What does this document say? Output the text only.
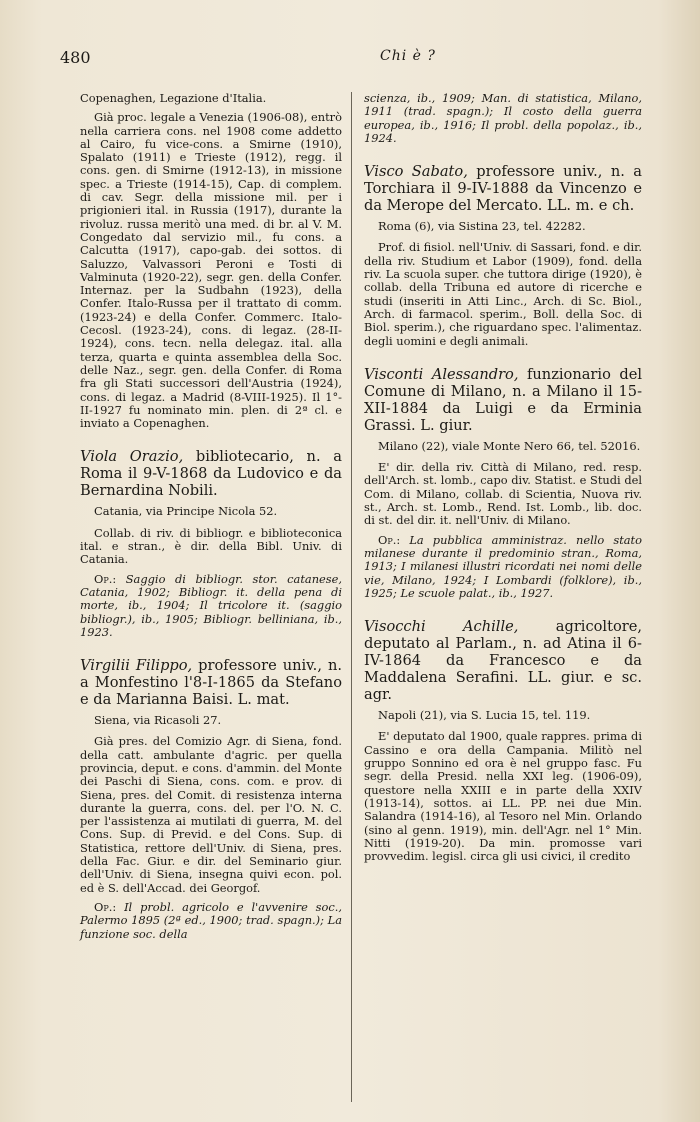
480	Chi è ?

Copenaghen, Legazione d'Italia.

Già proc. legale a Venezia (1906-08), entrò nella carriera cons. nel 1908 come addetto al Cairo, fu vice-cons. a Smirne (1910), Spalato (1911) e Trieste (1912), regg. il cons. gen. di Smirne (1912-13), in missione spec. a Trieste (1914-15), Cap. di complem. di cav. Segr. della missione mil. per i prigionieri ital. in Russia (1917), durante la rivoluz. russa meritò una med. di br. al V. M. Congedato dal servizio mil., fu cons. a Calcutta (1917), capo-gab. dei sottos. di Saluzzo, Valvassori Peroni e Tosti di Valminuta (1920-22), segr. gen. della Confer. Internaz. per la Sudbahn (1923), della Confer. Italo-Russa per il trattato di comm. (1923-24) e della Confer. Commerc. Italo-Cecosl. (1923-24), cons. di legaz. (28-II-1924), cons. tecn. nella delegaz. ital. alla terza, quarta e quinta assemblea della Soc. delle Naz., segr. gen. della Confer. di Roma fra gli Stati successori dell'Austria (1924), cons. di legaz. a Madrid (8-VIII-1925). Il 1°-II-1927 fu nominato min. plen. di 2ª cl. e inviato a Copenaghen.

Viola Orazio, bibliotecario, n. a Roma il 9-V-1868 da Ludovico e da Bernardina Nobili.

Catania, via Principe Nicola 52.

Collab. di riv. di bibliogr. e biblioteconica ital. e stran., è dir. della Bibl. Univ. di Catania.

Op.: Saggio di bibliogr. stor. catanese, Catania, 1902; Bibliogr. it. della pena di morte, ib., 1904; Il tricolore it. (saggio bibliogr.), ib., 1905; Bibliogr. belliniana, ib., 1923.

Virgilii Filippo, professore univ., n. a Monfestino l'8-I-1865 da Stefano e da Marianna Baisi. L. mat.

Siena, via Ricasoli 27.

Già pres. del Comizio Agr. di Siena, fond. della catt. ambulante d'agric. per quella provincia, deput. e cons. d'ammin. del Monte dei Paschi di Siena, cons. com. e prov. di Siena, pres. del Comit. di resistenza interna durante la guerra, cons. del. per l'O. N. C. per l'assistenza ai mutilati di guerra, M. del Cons. Sup. di Previd. e del Cons. Sup. di Statistica, rettore dell'Univ. di Siena, pres. della Fac. Giur. e dir. del Seminario giur. dell'Univ. di Siena, insegna quivi econ. pol. ed è S. dell'Accad. dei Georgof.

Op.: Il probl. agricolo e l'avvenire soc., Palermo 1895 (2ª ed., 1900; trad. spagn.); La funzione soc. della

scienza, ib., 1909; Man. di statistica, Milano, 1911 (trad. spagn.); Il costo della guerra europea, ib., 1916; Il probl. della popolaz., ib., 1924.

Visco Sabato, professore univ., n. a Torchiara il 9-IV-1888 da Vincenzo e da Merope del Mercato. LL. m. e ch.

Roma (6), via Sistina 23, tel. 42282.

Prof. di fisiol. nell'Univ. di Sassari, fond. e dir. della riv. Studium et Labor (1909), fond. della riv. La scuola super. che tuttora dirige (1920), è collab. della Tribuna ed autore di ricerche e studi (inseriti in Atti Linc., Arch. di Sc. Biol., Arch. di farmacol. sperim., Boll. della Soc. di Biol. sperim.), che riguardano spec. l'alimentaz. degli uomini e degli animali.

Visconti Alessandro, funzionario del Comune di Milano, n. a Milano il 15-XII-1884 da Luigi e da Erminia Grassi. L. giur.

Milano (22), viale Monte Nero 66, tel. 52016.

E' dir. della riv. Città di Milano, red. resp. dell'Arch. st. lomb., capo div. Statist. e Studi del Com. di Milano, collab. di Scientia, Nuova riv. st., Arch. st. Lomb., Rend. Ist. Lomb., lib. doc. di st. del dir. it. nell'Univ. di Milano.

Op.: La pubblica amministraz. nello stato milanese durante il predominio stran., Roma, 1913; I milanesi illustri ricordati nei nomi delle vie, Milano, 1924; I Lombardi (folklore), ib., 1925; Le scuole palat., ib., 1927.

Visocchi Achille, agricoltore, deputato al Parlam., n. ad Atina il 6-IV-1864 da Francesco e da Maddalena Serafini. LL. giur. e sc. agr.

Napoli (21), via S. Lucia 15, tel. 119.

E' deputato dal 1900, quale rappres. prima di Cassino e ora della Campania. Militò nel gruppo Sonnino ed ora è nel gruppo fasc. Fu segr. della Presid. nella XXI leg. (1906-09), questore nella XXIII e in parte della XXIV (1913-14), sottos. ai LL. PP. nei due Min. Salandra (1914-16), al Tesoro nel Min. Orlando (sino al genn. 1919), min. dell'Agr. nel 1° Min. Nitti (1919-20). Da min. promosse vari provvedim. legisl. circa gli usi civici, il credito
